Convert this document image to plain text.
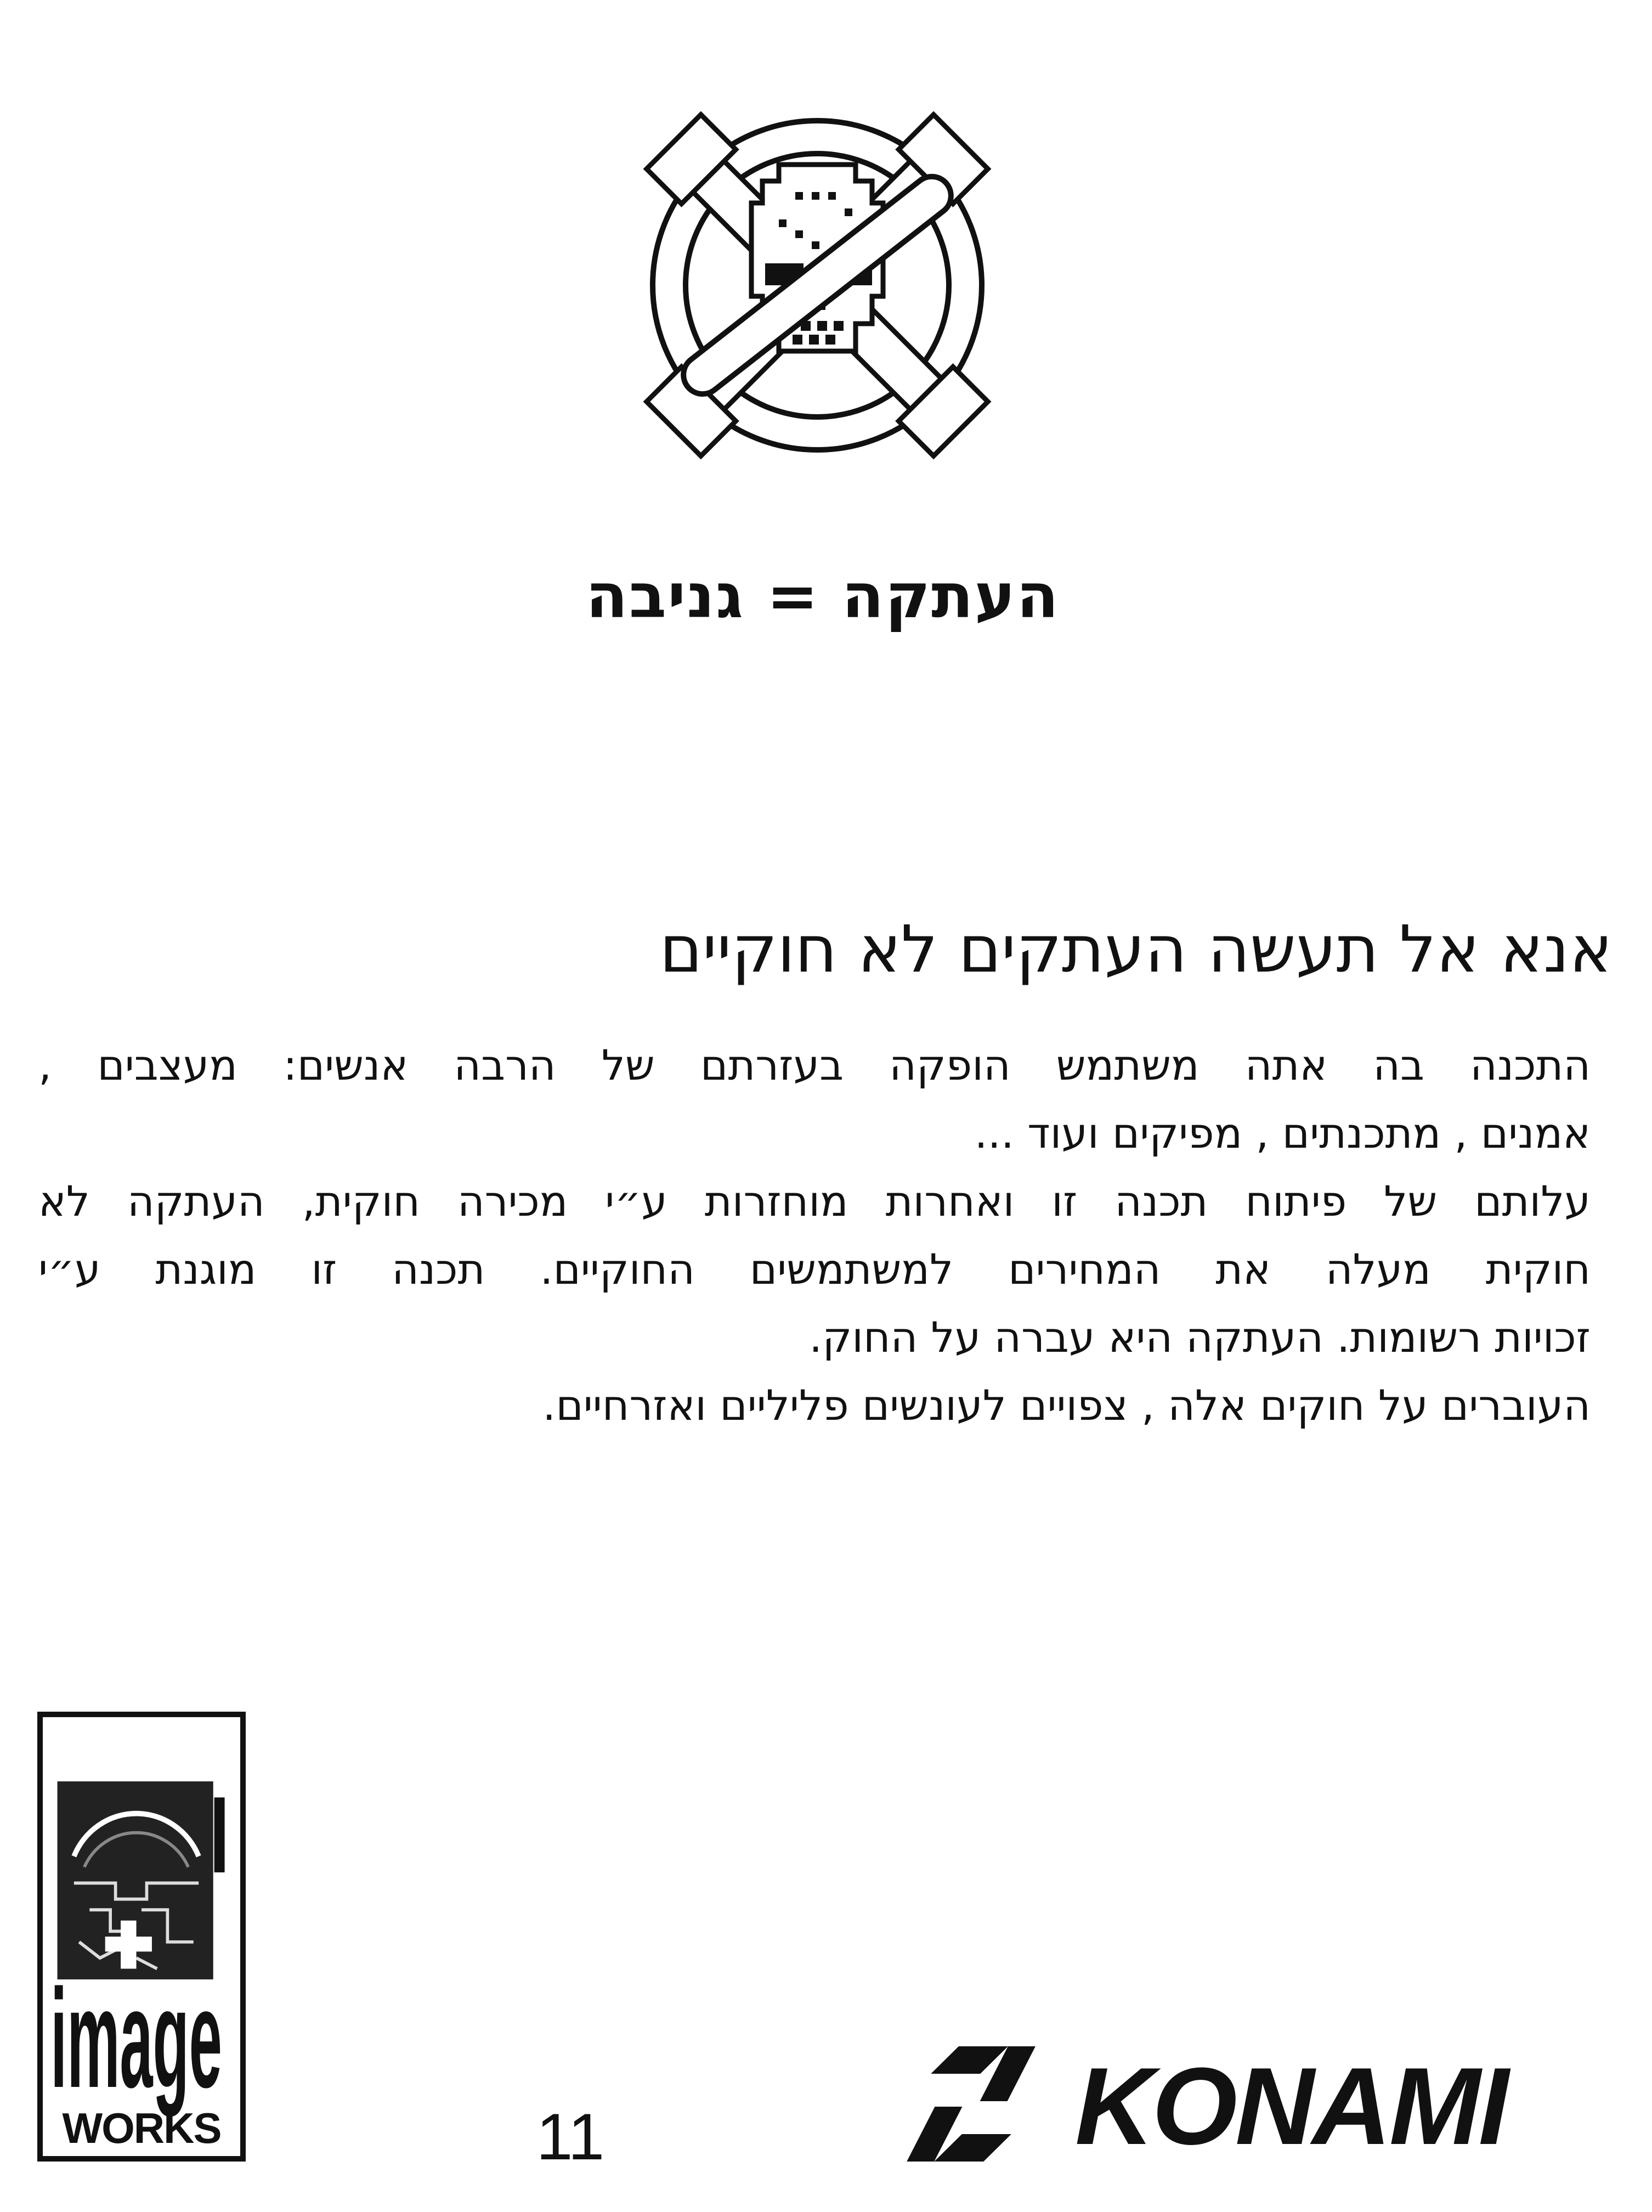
העתקה = גניבה
אנא אל תעשה העתקים לא חוקיים
התכנה בה אתה משתמש הופקה בעזרתם של הרבה אנשים: מעצבים ,
אמנים , מתכנתים , מפיקים ועוד ...
עלותם של פיתוח תכנה זו ואחרות מוחזרות ע״י מכירה חוקית, העתקה לא
חוקית מעלה את המחירים למשתמשים החוקיים. תכנה זו מוגנת ע״י
זכויות רשומות. העתקה היא עברה על החוק.
העוברים על חוקים אלה , צפויים לעונשים פליליים ואזרחיים.
image
WORKS	11	KONAMI
